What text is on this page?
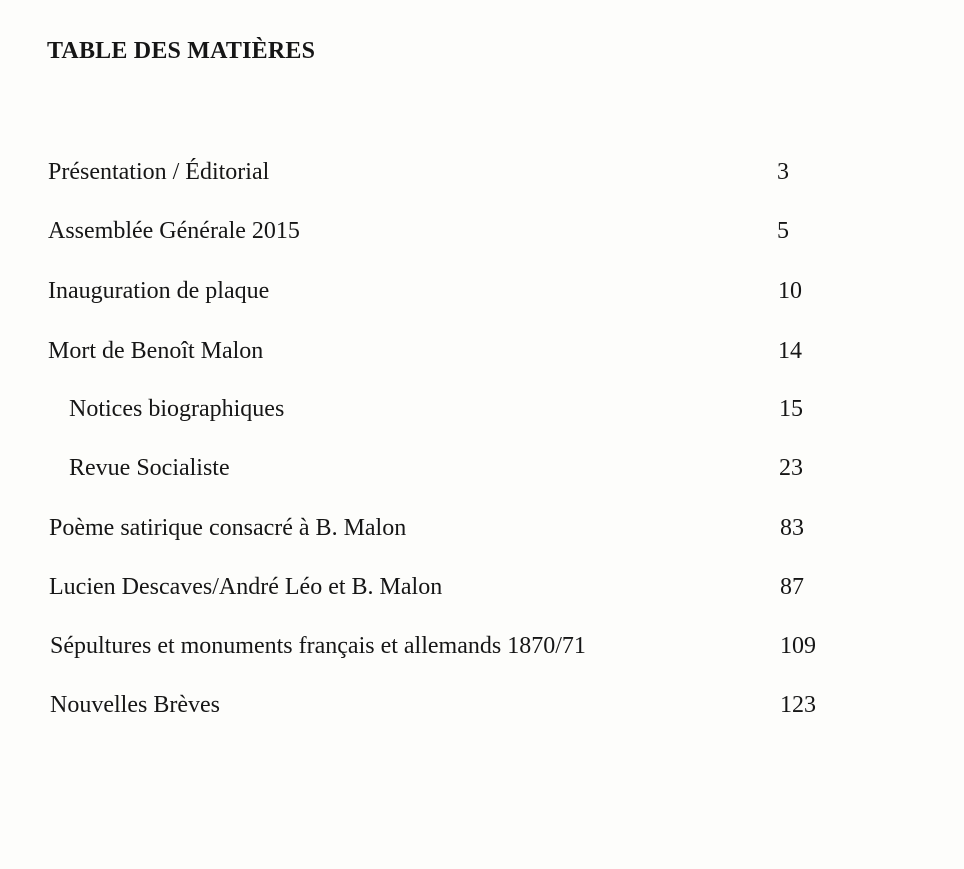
TABLE DES MATIÈRES
Présentation / Éditorial	3
Assemblée Générale 2015	5
Inauguration de plaque	10
Mort de Benoît Malon	14
Notices biographiques	15
Revue Socialiste	23
Poème satirique consacré à B. Malon	83
Lucien Descaves/André Léo et B. Malon	87
Sépultures et monuments français et allemands 1870/71	109
Nouvelles Brèves	123
